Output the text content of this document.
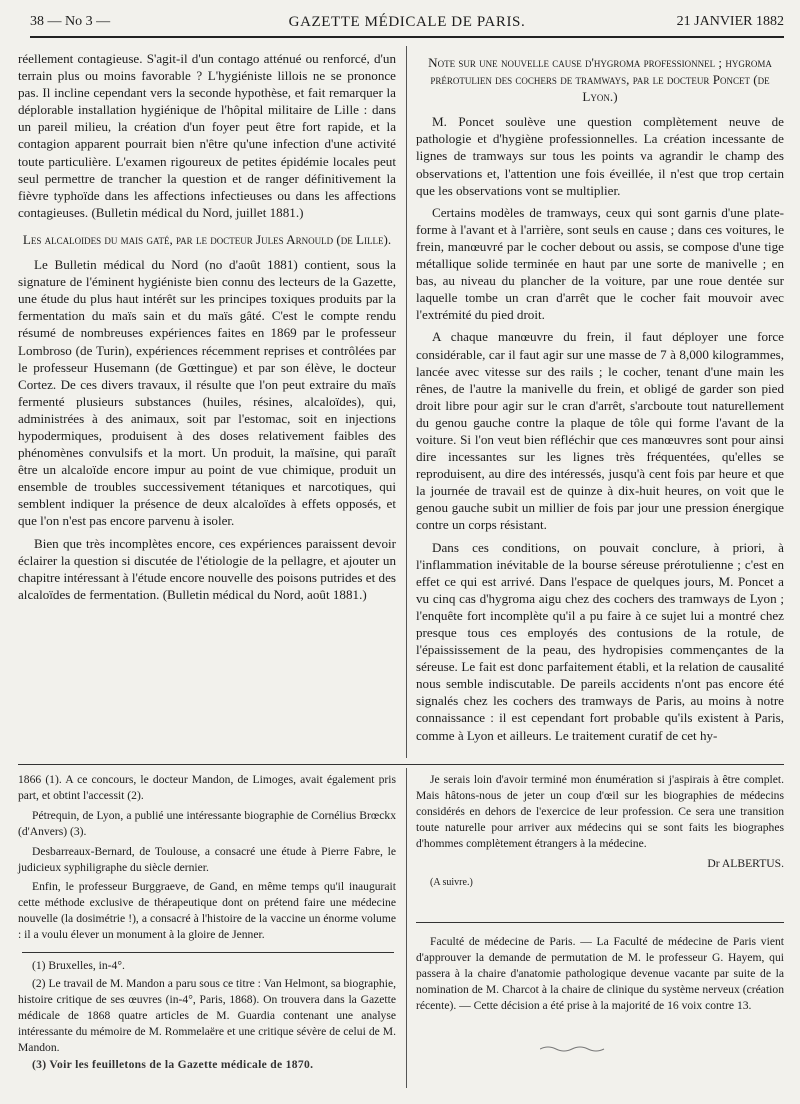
38 — No 3 —	GAZETTE MÉDICALE DE PARIS.	21 JANVIER 1882

réellement contagieuse. S'agit-il d'un contago atténué ou renforcé, d'un terrain plus ou moins favorable ? L'hygiéniste lillois ne se prononce pas. Il incline cependant vers la seconde hypothèse, et fait remarquer la déplorable installation hygiénique de l'hôpital militaire de Lille : dans un pareil milieu, la création d'un foyer peut être fort rapide, et la contagion apparent pourrait bien n'être qu'une infection d'une activité toute particulière. L'examen rigoureux de petites épidémie locales peut seul permettre de trancher la question et de ranger définitivement la fièvre typhoïde dans les affections infectieuses ou dans les affections contagieuses. (Bulletin médical du Nord, juillet 1881.)

Les alcaloides du mais gaté, par le docteur Jules Arnould (de Lille).

Le Bulletin médical du Nord (no d'août 1881) contient, sous la signature de l'éminent hygiéniste bien connu des lecteurs de la Gazette, une étude du plus haut intérêt sur les principes toxiques produits par la fermentation du maïs sain et du maïs gâté. C'est le compte rendu résumé de nombreuses expériences faites en 1869 par le professeur Lombroso (de Turin), expériences récemment reprises et contrôlées par le professeur Husemann (de Gœttingue) et par son élève, le docteur Cortez. De ces divers travaux, il résulte que l'on peut extraire du maïs fermenté plusieurs substances (huiles, résines, alcaloïdes), qui, administrées à des animaux, soit par l'estomac, soit en injections hypodermiques, produisent à des doses relativement faibles des phénomènes convulsifs et la mort. Un produit, la maïsine, qui paraît être un alcaloïde encore impur au point de vue chimique, produit un ensemble de troubles successivement tétaniques et narcotiques, qui semblent indiquer la présence de deux alcaloïdes à effets opposés, et que l'on n'est pas encore parvenu à isoler.

Bien que très incomplètes encore, ces expériences paraissent devoir éclairer la question si discutée de l'étiologie de la pellagre, et ajouter un chapitre intéressant à l'étude encore nouvelle des poisons putrides et des alcaloïdes de fermentation. (Bulletin médical du Nord, août 1881.)

Note sur une nouvelle cause d'hygroma professionnel ; hygroma prérotulien des cochers de tramways, par le docteur Poncet (de Lyon.)

M. Poncet soulève une question complètement neuve de pathologie et d'hygiène professionnelles. La création incessante de lignes de tramways sur tous les points va agrandir le champ des observations et, l'attention une fois éveillée, il n'est que trop certain que les observations vont se multiplier.

Certains modèles de tramways, ceux qui sont garnis d'une plate-forme à l'avant et à l'arrière, sont seuls en cause ; dans ces voitures, le frein, manœuvré par le cocher debout ou assis, se compose d'une tige métallique solide terminée en haut par une sorte de manivelle ; en bas, au niveau du plancher de la voiture, par une roue dentée sur laquelle tombe un cran d'arrêt que le cocher fait mouvoir avec l'extrémité du pied droit.

A chaque manœuvre du frein, il faut déployer une force considérable, car il faut agir sur une masse de 7 à 8,000 kilogrammes, lancée avec vitesse sur des rails ; le cocher, tenant d'une main les rênes, de l'autre la manivelle du frein, et obligé de garder son pied droit libre pour agir sur le cran d'arrêt, s'arcboute tout naturellement du genou gauche contre la plaque de tôle qui forme l'avant de la voiture. Si l'on veut bien réfléchir que ces manœuvres sont pour ainsi dire incessantes sur les lignes très fréquentées, qu'elles se reproduisent, au dire des intéressés, jusqu'à cent fois par heure et que la journée de travail est de quinze à dix-huit heures, on voit que le genou gauche subit un millier de fois par jour une pression énergique contre un corps résistant.

Dans ces conditions, on pouvait conclure, à priori, à l'inflammation inévitable de la bourse séreuse prérotulienne ; c'est en effet ce qui est arrivé. Dans l'espace de quelques jours, M. Poncet a vu cinq cas d'hygroma aigu chez des cochers des tramways de Lyon ; l'enquête fort incomplète qu'il a pu faire à ce sujet lui a montré chez presque tous ces employés des contusions de la rotule, de l'épaississement de la peau, des hydropisies commençantes de la séreuse. Le fait est donc parfaitement établi, et la relation de causalité nous semble indiscutable. De pareils accidents n'ont pas encore été signalés chez les cochers des tramways de Paris, au moins à notre connaissance : il est cependant fort probable qu'ils existent à Paris, comme à Lyon et ailleurs. Le traitement curatif de cet hy-

1866 (1). A ce concours, le docteur Mandon, de Limoges, avait également pris part, et obtint l'accessit (2).

Pétrequin, de Lyon, a publié une intéressante biographie de Cornélius Brœckx (d'Anvers) (3).

Desbarreaux-Bernard, de Toulouse, a consacré une étude à Pierre Fabre, le judicieux syphiligraphe du siècle dernier.

Enfin, le professeur Burggraeve, de Gand, en même temps qu'il inaugurait cette méthode exclusive de thérapeutique dont on prétend faire une médecine nouvelle (la dosimétrie !), a consacré à l'histoire de la vaccine un énorme volume : il a voulu élever un monument à la gloire de Jenner.

(1) Bruxelles, in-4°.

(2) Le travail de M. Mandon a paru sous ce titre : Van Helmont, sa biographie, histoire critique de ses œuvres (in-4°, Paris, 1868). On trouvera dans la Gazette médicale de 1868 quatre articles de M. Guardia contenant une analyse intéressante du mémoire de M. Rommelaëre et une critique sévère de celui de M. Mandon.

(3) Voir les feuilletons de la Gazette médicale de 1870.

Je serais loin d'avoir terminé mon énumération si j'aspirais à être complet. Mais hâtons-nous de jeter un coup d'œil sur les biographies de médecins considérés en dehors de l'exercice de leur profession. Ce sera une transition toute naturelle pour arriver aux médecins qui se sont faits les biographes d'hommes complètement étrangers à la médecine.

Dr ALBERTUS.

(A suivre.)

Faculté de médecine de Paris. — La Faculté de médecine de Paris vient d'approuver la demande de permutation de M. le professeur G. Hayem, qui passera à la chaire d'anatomie pathologique devenue vacante par suite de la nomination de M. Charcot à la chaire de clinique du système nerveux (création récente). — Cette décision a été prise à la majorité de 16 voix contre 13.
